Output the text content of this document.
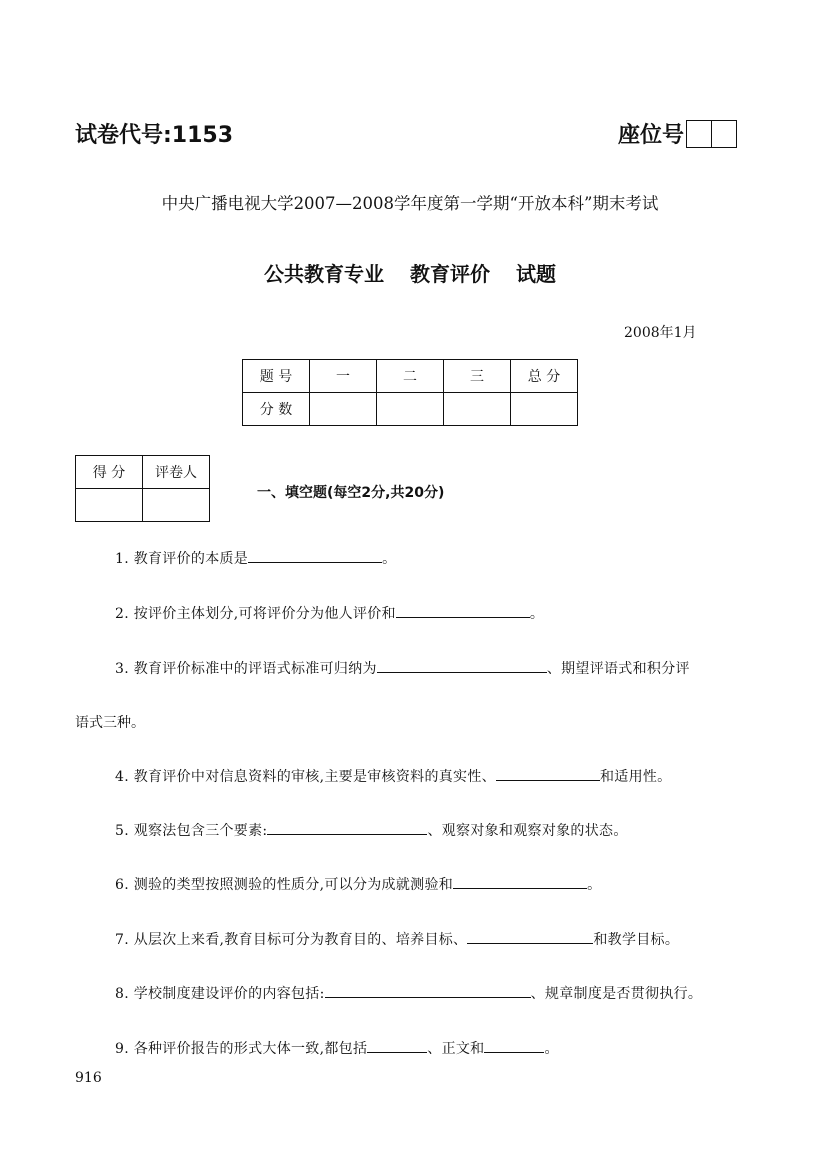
试卷代号:1153	座位号
中央广播电视大学2007—2008学年度第一学期“开放本科”期末考试
公共教育专业 教育评价 试题
2008年1月
题 号	一	二	三	总 分
分 数				
得 分	评卷人

一、填空题(每空2分,共20分)
1. 教育评价的本质是	。
2. 按评价主体划分,可将评价分为他人评价和	。
3. 教育评价标准中的评语式标准可归纳为	、期望评语式和积分评
语式三种。
4. 教育评价中对信息资料的审核,主要是审核资料的真实性、	和适用性。
5. 观察法包含三个要素:	、观察对象和观察对象的状态。
6. 测验的类型按照测验的性质分,可以分为成就测验和	。
7. 从层次上来看,教育目标可分为教育目的、培养目标、	和教学目标。
8. 学校制度建设评价的内容包括:	、规章制度是否贯彻执行。
9. 各种评价报告的形式大体一致,都包括	、正文和	。
916
